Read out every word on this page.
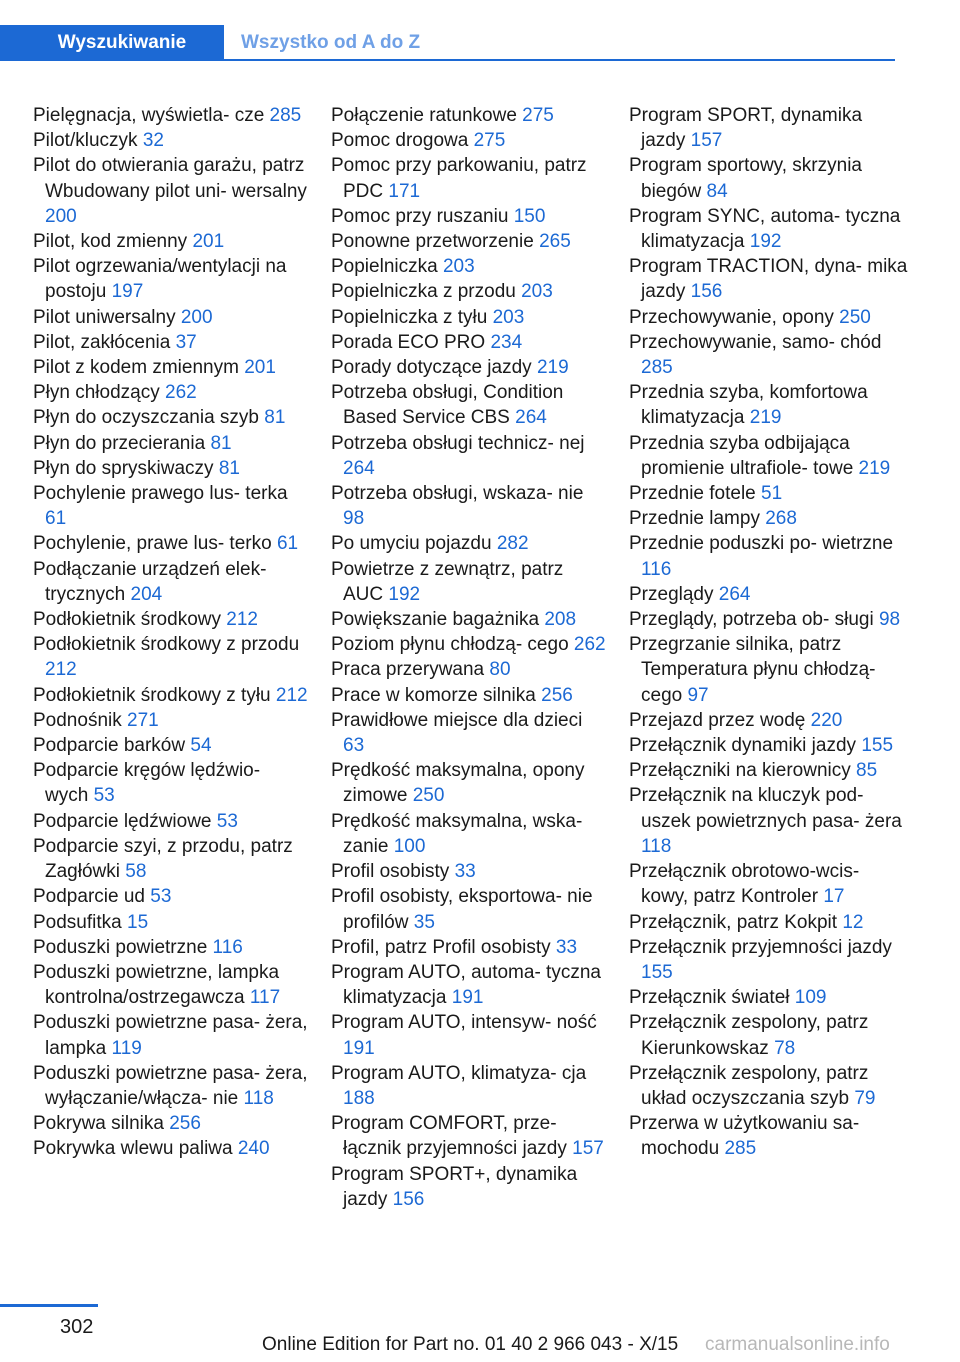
Wyszukiwanie	Wszystko od A do Z
Pielęgnacja, wyświetla‐ cze 285
Pilot/kluczyk 32
Pilot do otwierania garażu, patrz Wbudowany pilot uni‐ wersalny 200
Pilot, kod zmienny 201
Pilot ogrzewania/wentylacji na postoju 197
Pilot uniwersalny 200
Pilot, zakłócenia 37
Pilot z kodem zmiennym 201
Płyn chłodzący 262
Płyn do oczyszczania szyb 81
Płyn do przecierania 81
Płyn do spryskiwaczy 81
Pochylenie prawego lus‐ terka 61
Pochylenie, prawe lus‐ terko 61
Podłączanie urządzeń elek‐ trycznych 204
Podłokietnik środkowy 212
Podłokietnik środkowy z przodu 212
Podłokietnik środkowy z tyłu 212
Podnośnik 271
Podparcie barków 54
Podparcie kręgów lędźwio‐ wych 53
Podparcie lędźwiowe 53
Podparcie szyi, z przodu, patrz Zagłówki 58
Podparcie ud 53
Podsufitka 15
Poduszki powietrzne 116
Poduszki powietrzne, lampka kontrolna/ostrzegawcza 117
Poduszki powietrzne pasa‐ żera, lampka 119
Poduszki powietrzne pasa‐ żera, wyłączanie/włącza‐ nie 118
Pokrywa silnika 256
Pokrywka wlewu paliwa 240
Połączenie ratunkowe 275
Pomoc drogowa 275
Pomoc przy parkowaniu, patrz PDC 171
Pomoc przy ruszaniu 150
Ponowne przetworzenie 265
Popielniczka 203
Popielniczka z przodu 203
Popielniczka z tyłu 203
Porada ECO PRO 234
Porady dotyczące jazdy 219
Potrzeba obsługi, Condition Based Service CBS 264
Potrzeba obsługi technicz‐ nej 264
Potrzeba obsługi, wskaza‐ nie 98
Po umyciu pojazdu 282
Powietrze z zewnątrz, patrz AUC 192
Powiększanie bagażnika 208
Poziom płynu chłodzą‐ cego 262
Praca przerywana 80
Prace w komorze silnika 256
Prawidłowe miejsce dla dzieci 63
Prędkość maksymalna, opony zimowe 250
Prędkość maksymalna, wska‐ zanie 100
Profil osobisty 33
Profil osobisty, eksportowa‐ nie profilów 35
Profil, patrz Profil osobisty 33
Program AUTO, automa‐ tyczna klimatyzacja 191
Program AUTO, intensyw‐ ność 191
Program AUTO, klimatyza‐ cja 188
Program COMFORT, prze‐ łącznik przyjemności jazdy 157
Program SPORT+, dynamika jazdy 156
Program SPORT, dynamika jazdy 157
Program sportowy, skrzynia biegów 84
Program SYNC, automa‐ tyczna klimatyzacja 192
Program TRACTION, dyna‐ mika jazdy 156
Przechowywanie, opony 250
Przechowywanie, samo‐ chód 285
Przednia szyba, komfortowa klimatyzacja 219
Przednia szyba odbijająca promienie ultrafiole‐ towe 219
Przednie fotele 51
Przednie lampy 268
Przednie poduszki po‐ wietrzne 116
Przeglądy 264
Przeglądy, potrzeba ob‐ sługi 98
Przegrzanie silnika, patrz Temperatura płynu chłodzą‐ cego 97
Przejazd przez wodę 220
Przełącznik dynamiki jazdy 155
Przełączniki na kierownicy 85
Przełącznik na kluczyk pod‐ uszek powietrznych pasa‐ żera 118
Przełącznik obrotowo-wcis‐ kowy, patrz Kontroler 17
Przełącznik, patrz Kokpit 12
Przełącznik przyjemności jazdy 155
Przełącznik świateł 109
Przełącznik zespolony, patrz Kierunkowskaz 78
Przełącznik zespolony, patrz układ oczyszczania szyb 79
Przerwa w użytkowaniu sa‐ mochodu 285
302
Online Edition for Part no. 01 40 2 966 043 - X/15 carmanualsonline.info
